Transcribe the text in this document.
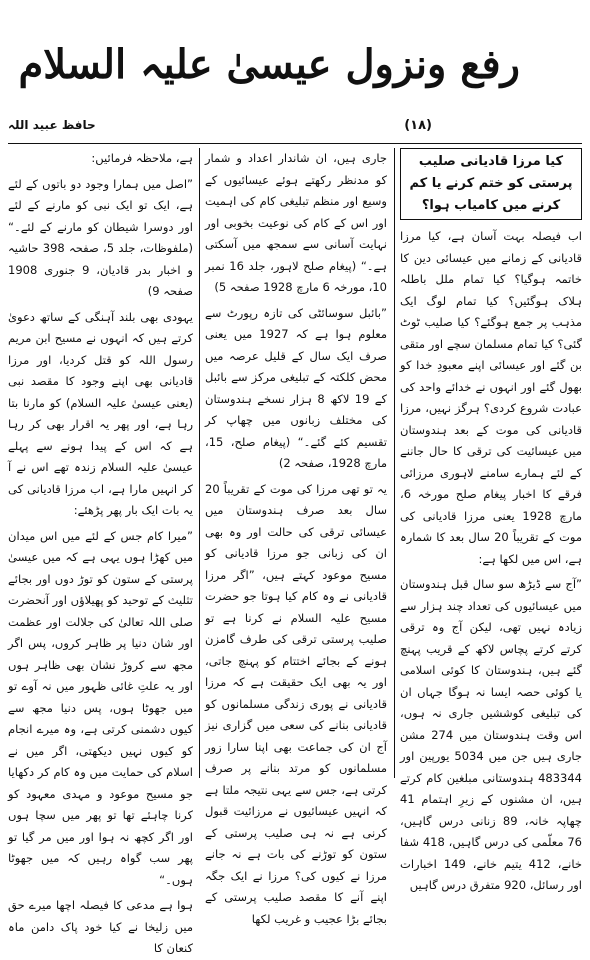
رفع ونزول عیسیٰ علیہ السلام
(۱۸)
حافظ عبید اللہ
کیا مرزا قادیانی صلیب پرستی کو ختم کرنے یا کم کرنے میں کامیاب ہوا؟

اب فیصلہ بہت آسان ہے، کیا مرزا قادیانی کے زمانے میں عیسائی دین کا خاتمہ ہوگیا؟ کیا تمام ملل باطلہ ہلاک ہوگئیں؟ کیا تمام لوگ ایک مذہب پر جمع ہوگئے؟ کیا صلیب ٹوٹ گئی؟ کیا تمام مسلمان سچے اور متقی بن گئے اور عیسائی اپنے معبودِ خدا کو بھول گئے اور انہوں نے خدائے واحد کی عبادت شروع کردی؟ ہرگز نہیں، مرزا قادیانی کی موت کے بعد ہندوستان میں عیسائیت کی ترقی کا حال جاننے کے لئے ہمارے سامنے لاہوری مرزائی فرقے کا اخبار پیغام صلح مورخہ 6، مارچ 1928 یعنی مرزا قادیانی کی موت کے تقریباً 20 سال بعد کا شمارہ ہے، اس میں لکھا ہے:

”آج سے ڈیڑھ سو سال قبل ہندوستان میں عیسائیوں کی تعداد چند ہزار سے زیادہ نہیں تھی، لیکن آج وہ ترقی کرتے کرتے پچاس لاکھ کے قریب پہنچ گئے ہیں، ہندوستان کا کوئی اسلامی یا کوئی حصہ ایسا نہ ہوگا جہاں ان کی تبلیغی کوششیں جاری نہ ہوں، اس وقت ہندوستان میں 274 مشن جاری ہیں جن میں 5034 یورپین اور 483344 ہندوستانی مبلغین کام کرتے ہیں، ان مشنوں کے زیرِ اہتمام 41 چھاپہ خانہ، 89 زنانی درس گاہیں، 76 معلّمی کی درس گاہیں، 418 شفا خانے، 412 یتیم خانے، 149 اخبارات اور رسائل، 920 متفرق درس گاہیں

جاری ہیں، ان شاندار اعداد و شمار کو مدنظر رکھتے ہوئے عیسائیوں کے وسیع اور منظم تبلیغی کام کی اہمیت اور اس کے کام کی نوعیت بخوبی اور نہایت آسانی سے سمجھ میں آسکتی ہے۔“ (پیغام صلح لاہور، جلد 16 نمبر 10، مورخہ 6 مارچ 1928 صفحہ 5)

”بائبل سوسائٹی کی تازہ رپورٹ سے معلوم ہوا ہے کہ 1927 میں یعنی صرف ایک سال کے قلیل عرصہ میں محض کلکتہ کے تبلیغی مرکز سے بائبل کے 19 لاکھ 8 ہزار نسخے ہندوستان کی مختلف زبانوں میں چھاپ کر تقسیم کئے گئے۔“ (پیغام صلح، 15، مارچ 1928، صفحہ 2)

یہ تو تھی مرزا کی موت کے تقریباً 20 سال بعد صرف ہندوستان میں عیسائی ترقی کی حالت اور وہ بھی ان کی زبانی جو مرزا قادیانی کو مسیح موعود کہتے ہیں، ”اگر مرزا قادیانی نے وہ کام کیا ہوتا جو حضرت مسیح علیہ السلام نے کرنا ہے تو صلیب پرستی ترقی کی طرف گامزن ہونے کے بجائے اختتام کو پہنچ جاتی، اور یہ بھی ایک حقیقت ہے کہ مرزا قادیانی نے پوری زندگی مسلمانوں کو قادیانی بنانے کی سعی میں گزاری نیز آج ان کی جماعت بھی اپنا سارا زور مسلمانوں کو مرتد بنانے پر صرف کرتی ہے، جس سے یہی نتیجہ ملتا ہے کہ انہیں عیسائیوں نے مرزائیت قبول کرنی ہے نہ ہی صلیب پرستی کے ستون کو توڑنے کی بات ہے نہ جانے مرزا نے کیوں کی؟ مرزا نے ایک جگہ اپنے آنے کا مقصد صلیب پرستی کے بجائے بڑا عجیب و غریب لکھا

ہے، ملاحظہ فرمائیں:

”اصل میں ہمارا وجود دو باتوں کے لئے ہے، ایک تو ایک نبی کو مارنے کے لئے اور دوسرا شیطان کو مارنے کے لئے۔“ (ملفوظات، جلد 5، صفحہ 398 حاشیہ و اخبار بدر قادیان، 9 جنوری 1908 صفحہ 9)

یہودی بھی بلند آہنگی کے ساتھ دعویٰ کرتے ہیں کہ انہوں نے مسیح ابن مریم رسول اللہ کو قتل کردیا، اور مرزا قادیانی بھی اپنے وجود کا مقصد نبی (یعنی عیسیٰ علیہ السلام) کو مارنا بتا رہا ہے، اور پھر یہ اقرار بھی کر رہا ہے کہ اس کے پیدا ہونے سے پہلے عیسیٰ علیہ السلام زندہ تھے اس نے آ کر انہیں مارا ہے، اب مرزا قادیانی کی یہ بات ایک بار پھر پڑھئے:

”میرا کام جس کے لئے میں اس میدان میں کھڑا ہوں یہی ہے کہ میں عیسیٰ پرستی کے ستون کو توڑ دوں اور بجائے تثلیث کے توحید کو پھیلاؤں اور آنحضرت صلی اللہ تعالیٰ کی جلالت اور عظمت اور شان دنیا پر ظاہر کروں، پس اگر مجھ سے کروڑ نشان بھی ظاہر ہوں اور یہ علتِ غائی ظہور میں نہ آوے تو میں جھوٹا ہوں، پس دنیا مجھ سے کیوں دشمنی کرتی ہے، وہ میرے انجام کو کیوں نہیں دیکھتی، اگر میں نے اسلام کی حمایت میں وہ کام کر دکھایا جو مسیح موعود و مہدی معہود کو کرنا چاہئے تھا تو پھر میں سچا ہوں اور اگر کچھ نہ ہوا اور میں مر گیا تو پھر سب گواہ رہیں کہ میں جھوٹا ہوں۔“

ہوا ہے مدعی کا فیصلہ اچھا میرے حق میں زلیخا نے کیا خود پاک دامن ماہ کنعان کا
